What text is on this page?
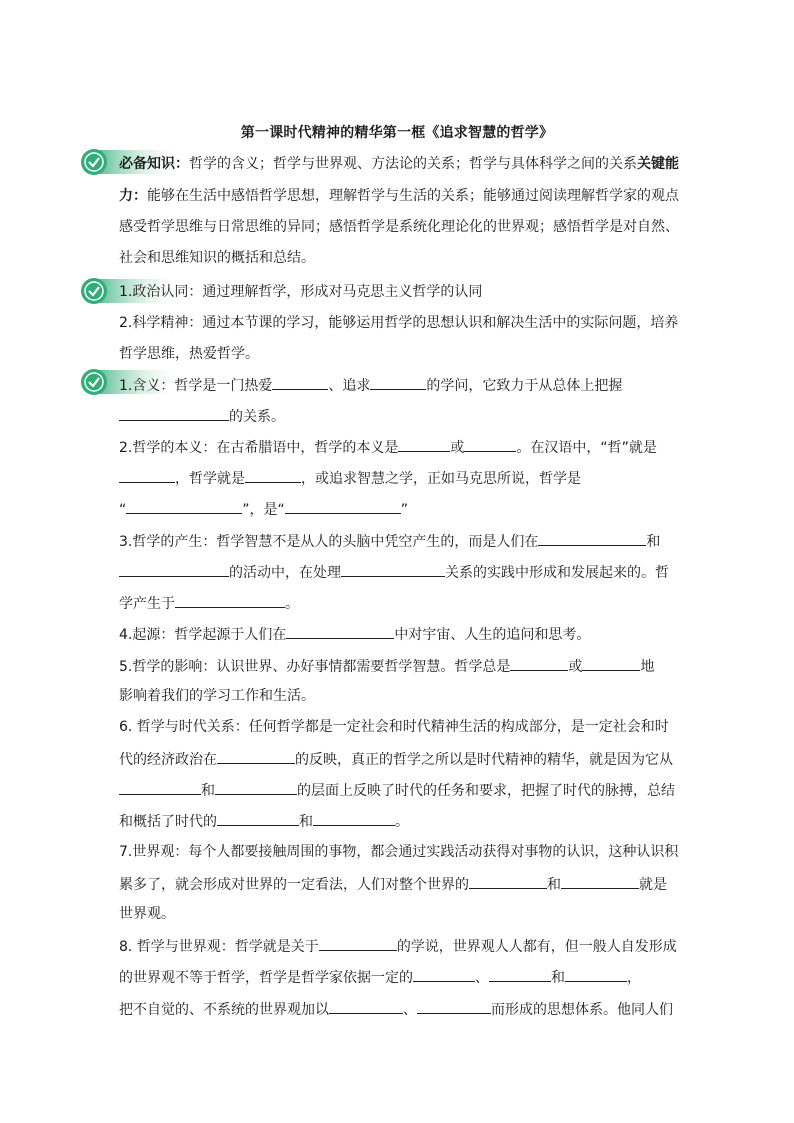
第一课时代精神的精华第一框《追求智慧的哲学》
必备知识：哲学的含义；哲学与世界观、方法论的关系；哲学与具体科学之间的关系关键能
力：能够在生活中感悟哲学思想，理解哲学与生活的关系；能够通过阅读理解哲学家的观点
感受哲学思维与日常思维的异同；感悟哲学是系统化理论化的世界观；感悟哲学是对自然、
社会和思维知识的概括和总结。
1.政治认同：通过理解哲学，形成对马克思主义哲学的认同
2.科学精神：通过本节课的学习，能够运用哲学的思想认识和解决生活中的实际问题，培养
哲学思维，热爱哲学。
1.含义：哲学是一门热爱	、追求	的学问，它致力于从总体上把握
的关系。
2.哲学的本义：在古希腊语中，哲学的本义是	或	。在汉语中，“哲”就是
，哲学就是	，或追求智慧之学，正如马克思所说，哲学是
“	”，是“	”
3.哲学的产生：哲学智慧不是从人的头脑中凭空产生的，而是人们在	和
的活动中，在处理	关系的实践中形成和发展起来的。哲
学产生于	。
4.起源：哲学起源于人们在	中对宇宙、人生的追问和思考。
5.哲学的影响：认识世界、办好事情都需要哲学智慧。哲学总是	或	地
影响着我们的学习工作和生活。
6. 哲学与时代关系：任何哲学都是一定社会和时代精神生活的构成部分，是一定社会和时
代的经济政治在	的反映，真正的哲学之所以是时代精神的精华，就是因为它从
和	的层面上反映了时代的任务和要求，把握了时代的脉搏，总结
和概括了时代的	和	。
7.世界观：每个人都要接触周围的事物，都会通过实践活动获得对事物的认识，这种认识积
累多了，就会形成对世界的一定看法，人们对整个世界的	和	就是
世界观。
8. 哲学与世界观：哲学就是关于	的学说，世界观人人都有，但一般人自发形成
的世界观不等于哲学，哲学是哲学家依据一定的	、	和	，
把不自觉的、不系统的世界观加以	、	而形成的思想体系。他同人们
